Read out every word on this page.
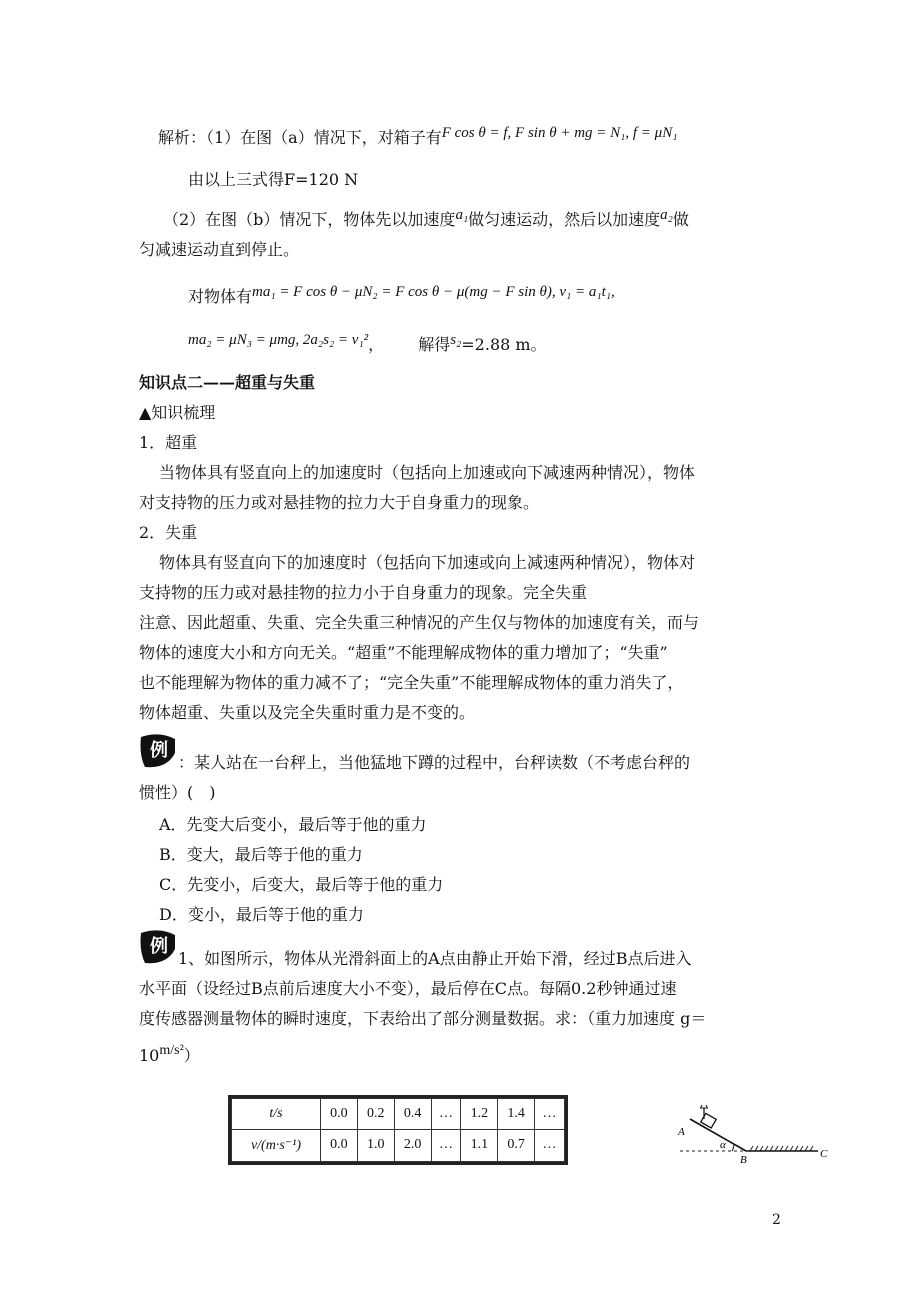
解析：（1）在图（a）情况下，对箱子有F cos θ = f, F sin θ + mg = N₁, f = μN₁
由以上三式得F=120 N
（2）在图（b）情况下，物体先以加速度a₁做匀速运动，然后以加速度a₂做
匀减速运动直到停止。
对物体有ma₁ = F cos θ − μN₂ = F cos θ − μ(mg − F sin θ), v₁ = a₁t₁,
ma₂ = μN₃ = μmg, 2a₂s₂ = v₁²， 解得s₂=2.88 m。
知识点二——超重与失重
▲知识梳理
1．超重
当物体具有竖直向上的加速度时（包括向上加速或向下减速两种情况），物体
对支持物的压力或对悬挂物的拉力大于自身重力的现象。
2．失重
物体具有竖直向下的加速度时（包括向下加速或向上减速两种情况），物体对
支持物的压力或对悬挂物的拉力小于自身重力的现象。完全失重
注意、因此超重、失重、完全失重三种情况的产生仅与物体的加速度有关，而与
物体的速度大小和方向无关。“超重”不能理解成物体的重力增加了；“失重”
也不能理解为物体的重力减不了；“完全失重”不能理解成物体的重力消失了，
物体超重、失重以及完全失重时重力是不变的。
例
：某人站在一台秤上，当他猛地下蹲的过程中，台秤读数（不考虑台秤的
惯性）(　)
A．先变大后变小，最后等于他的重力
B．变大，最后等于他的重力
C．先变小，后变大，最后等于他的重力
D．变小，最后等于他的重力
例
1、如图所示，物体从光滑斜面上的A点由静止开始下滑，经过B点后进入
水平面（设经过B点前后速度大小不变），最后停在C点。每隔0.2秒钟通过速
度传感器测量物体的瞬时速度，下表给出了部分测量数据。求：（重力加速度 g＝
10m/s²）
t/s	0.0	0.2	0.4	…	1.2	1.4	…
v/(m·s⁻¹)	0.0	1.0	2.0	…	1.1	0.7	…	α
A
B	C
2
